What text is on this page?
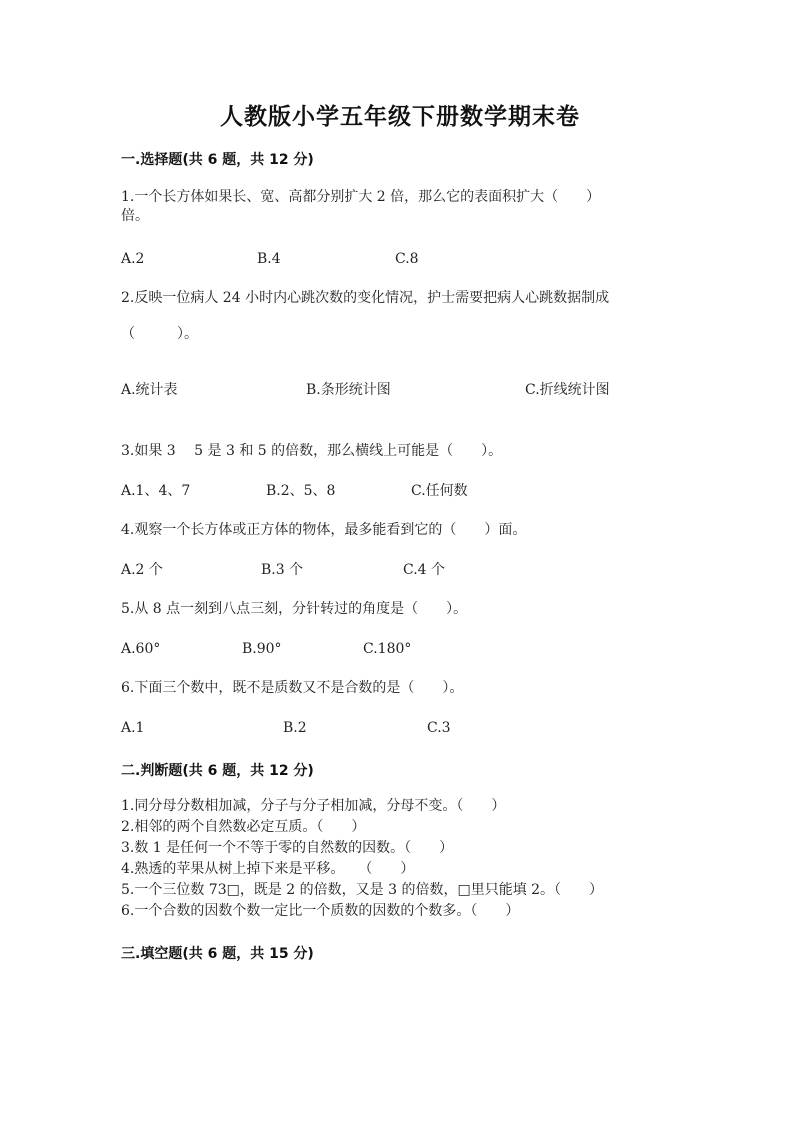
人教版小学五年级下册数学期末卷
一.选择题(共 6 题，共 12 分)
1.一个长方体如果长、宽、高都分别扩大 2 倍，那么它的表面积扩大（　　）
倍。
A.2	B.4	C.8
2.反映一位病人 24 小时内心跳次数的变化情况，护士需要把病人心跳数据制成
（　　　）。
A.统计表	B.条形统计图	C.折线统计图
3.如果 3　 5 是 3 和 5 的倍数，那么横线上可能是（　　）。
A.1、4、7	B.2、5、8	C.任何数
4.观察一个长方体或正方体的物体，最多能看到它的（　　）面。
A.2 个	B.3 个	C.4 个
5.从 8 点一刻到八点三刻，分针转过的角度是（　　）。
A.60°	B.90°	C.180°
6.下面三个数中，既不是质数又不是合数的是（　　）。
A.1	B.2	C.3
二.判断题(共 6 题，共 12 分)
1.同分母分数相加减，分子与分子相加减，分母不变。（　　）
2.相邻的两个自然数必定互质。（　　）
3.数 1 是任何一个不等于零的自然数的因数。（　　）
4.熟透的苹果从树上掉下来是平移。　　（　　）
5.一个三位数 73□，既是 2 的倍数，又是 3 的倍数，□里只能填 2。（　　）
6.一个合数的因数个数一定比一个质数的因数的个数多。（　　）
三.填空题(共 6 题，共 15 分)
